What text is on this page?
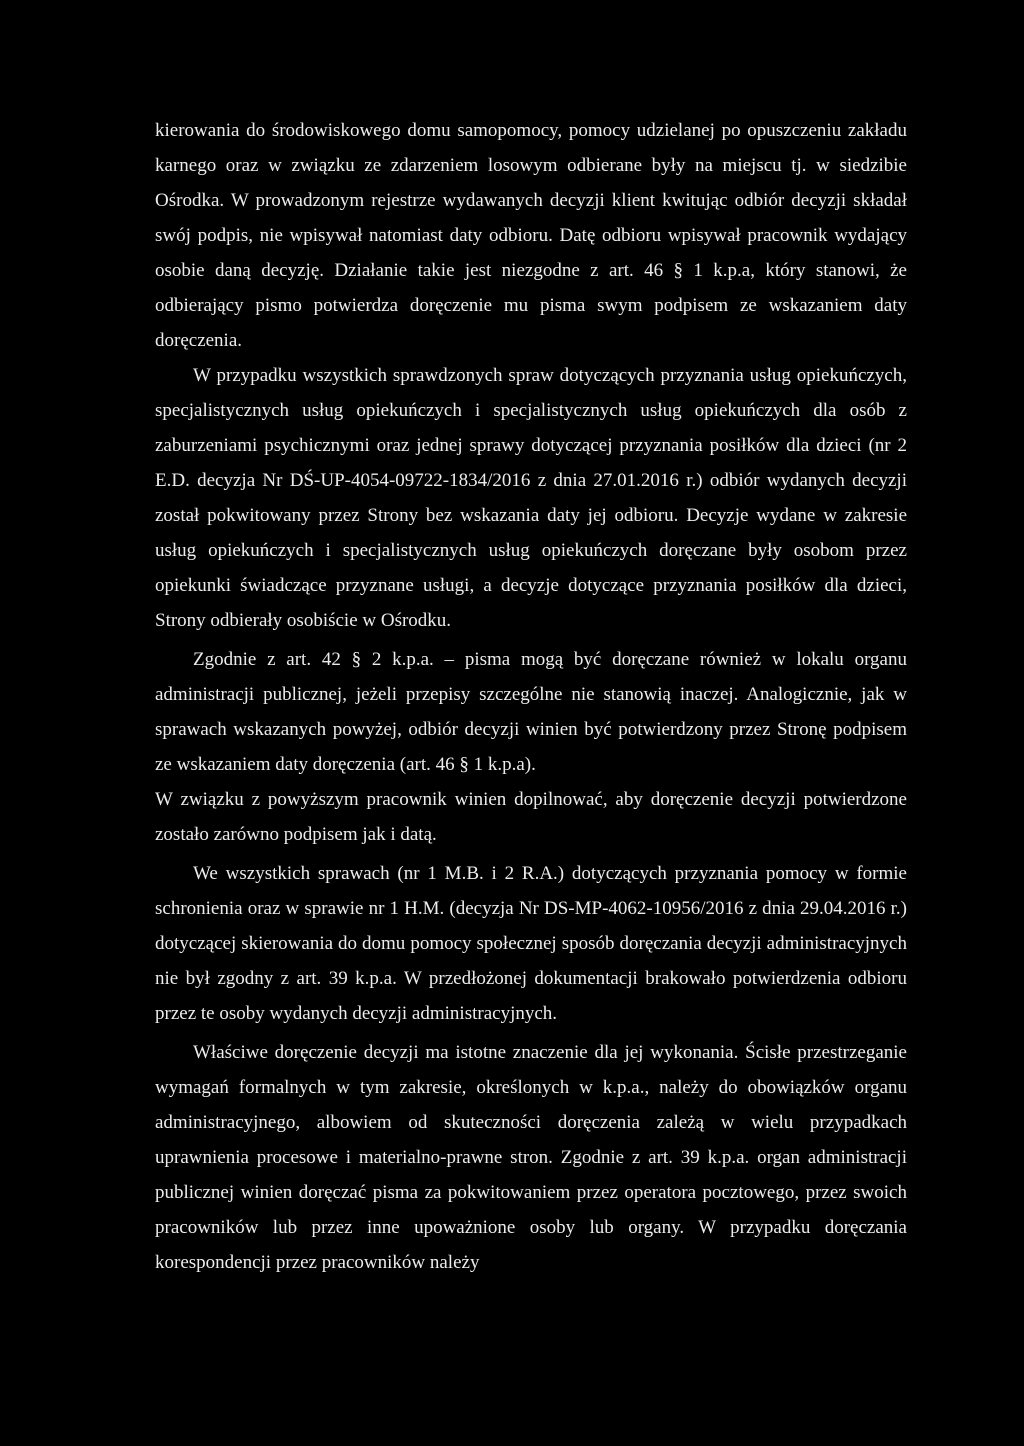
kierowania do środowiskowego domu samopomocy, pomocy udzielanej po opuszczeniu zakładu karnego oraz w związku ze zdarzeniem losowym odbierane były na miejscu tj. w siedzibie Ośrodka. W prowadzonym rejestrze wydawanych decyzji klient kwitując odbiór decyzji składał swój podpis, nie wpisywał natomiast daty odbioru. Datę odbioru wpisywał pracownik wydający osobie daną decyzję. Działanie takie jest niezgodne z art. 46 § 1 k.p.a, który stanowi, że odbierający pismo potwierdza doręczenie mu pisma swym podpisem ze wskazaniem daty doręczenia.

W przypadku wszystkich sprawdzonych spraw dotyczących przyznania usług opiekuńczych, specjalistycznych usług opiekuńczych i specjalistycznych usług opiekuńczych dla osób z zaburzeniami psychicznymi oraz jednej sprawy dotyczącej przyznania posiłków dla dzieci (nr 2 E.D. decyzja Nr DŚ-UP-4054-09722-1834/2016 z dnia 27.01.2016 r.) odbiór wydanych decyzji został pokwitowany przez Strony bez wskazania daty jej odbioru. Decyzje wydane w zakresie usług opiekuńczych i specjalistycznych usług opiekuńczych doręczane były osobom przez opiekunki świadczące przyznane usługi, a decyzje dotyczące przyznania posiłków dla dzieci, Strony odbierały osobiście w Ośrodku.

Zgodnie z art. 42 § 2 k.p.a. – pisma mogą być doręczane również w lokalu organu administracji publicznej, jeżeli przepisy szczególne nie stanowią inaczej. Analogicznie, jak w sprawach wskazanych powyżej, odbiór decyzji winien być potwierdzony przez Stronę podpisem ze wskazaniem daty doręczenia (art. 46 § 1 k.p.a).

W związku z powyższym pracownik winien dopilnować, aby doręczenie decyzji potwierdzone zostało zarówno podpisem jak i datą.

We wszystkich sprawach (nr 1 M.B. i 2 R.A.) dotyczących przyznania pomocy w formie schronienia oraz w sprawie nr 1 H.M. (decyzja Nr DS-MP-4062-10956/2016 z dnia 29.04.2016 r.) dotyczącej skierowania do domu pomocy społecznej sposób doręczania decyzji administracyjnych nie był zgodny z art. 39 k.p.a. W przedłożonej dokumentacji brakowało potwierdzenia odbioru przez te osoby wydanych decyzji administracyjnych.

Właściwe doręczenie decyzji ma istotne znaczenie dla jej wykonania. Ścisłe przestrzeganie wymagań formalnych w tym zakresie, określonych w k.p.a., należy do obowiązków organu administracyjnego, albowiem od skuteczności doręczenia zależą w wielu przypadkach uprawnienia procesowe i materialno-prawne stron. Zgodnie z art. 39 k.p.a. organ administracji publicznej winien doręczać pisma za pokwitowaniem przez operatora pocztowego, przez swoich pracowników lub przez inne upoważnione osoby lub organy. W przypadku doręczania korespondencji przez pracowników należy
